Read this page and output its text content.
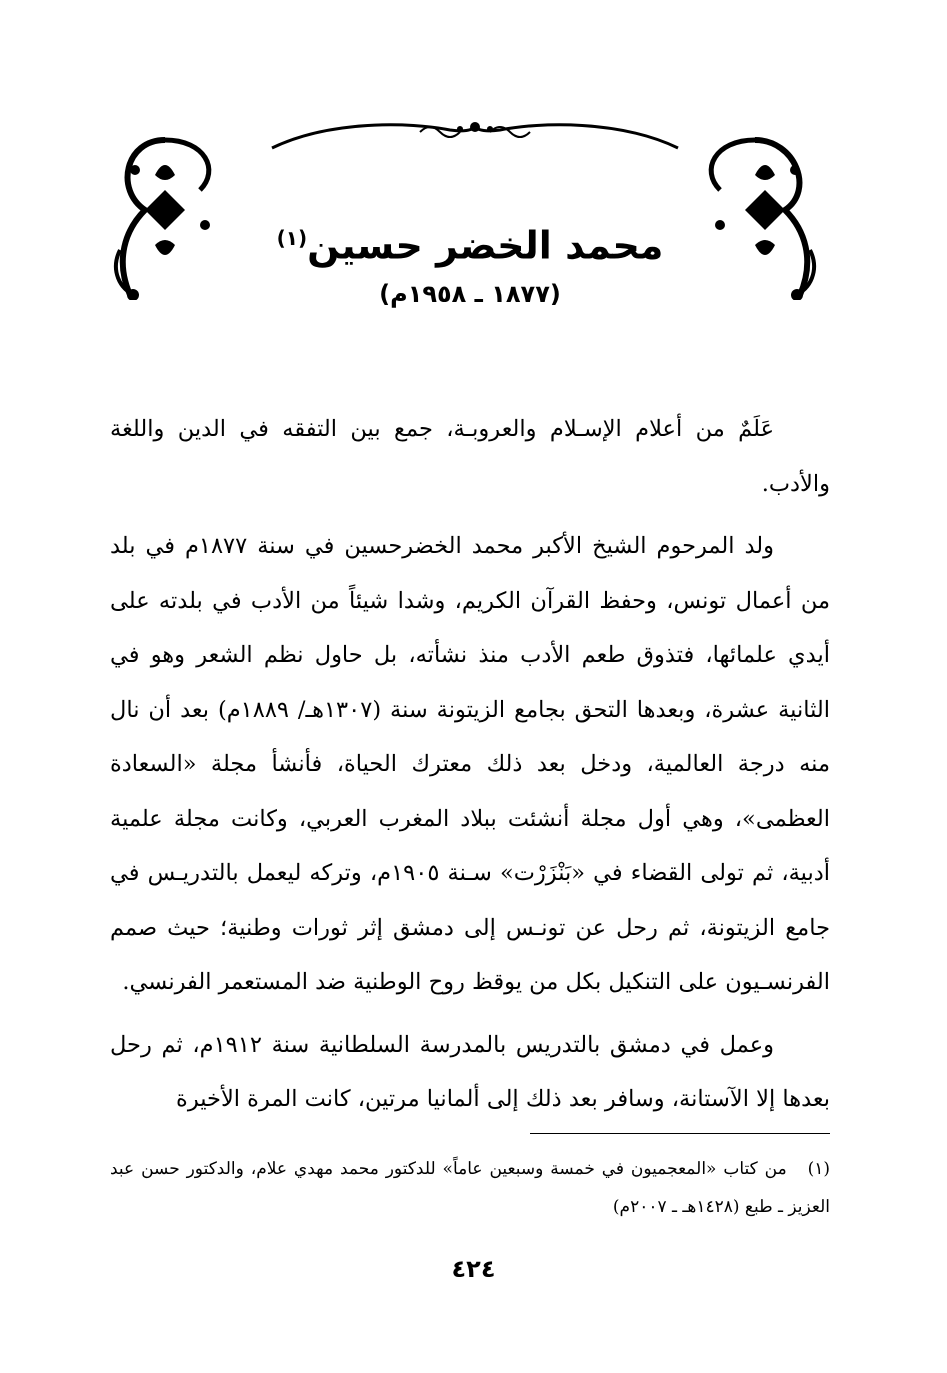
محمد الخضر حسين$^{(١)}$
(١٨٧٧ ـ ١٩٥٨م)

عَلَمٌ من أعلام الإسـلام والعروبـة، جمع بين التفقه في الدين واللغة والأدب.

ولد المرحوم الشيخ الأكبر محمد الخضرحسين في سنة ١٨٧٧م في بلد من أعمال تونس، وحفظ القرآن الكريم، وشدا شيئاً من الأدب في بلدته على أيدي علمائها، فتذوق طعم الأدب منذ نشأته، بل حاول نظم الشعر وهو في الثانية عشرة، وبعدها التحق بجامع الزيتونة سنة (١٣٠٧هـ/ ١٨٨٩م) بعد أن نال منه درجة العالمية، ودخل بعد ذلك معترك الحياة، فأنشأ مجلة «السعادة العظمى»، وهي أول مجلة أنشئت ببلاد المغرب العربي، وكانت مجلة علمية أدبية، ثم تولى القضاء في «بَنْزَرْت» سـنة ١٩٠٥م، وتركه ليعمل بالتدريـس في جامع الزيتونة، ثم رحل عن تونـس إلى دمشق إثر ثورات وطنية؛ حيث صمم الفرنسـيون على التنكيل بكل من يوقظ روح الوطنية ضد المستعمر الفرنسي.

وعمل في دمشق بالتدريس بالمدرسة السلطانية سنة ١٩١٢م، ثم رحل بعدها إلا الآستانة، وسافر بعد ذلك إلى ألمانيا مرتين، كانت المرة الأخيرة

(١) من كتاب «المعجميون في خمسة وسبعين عاماً» للدكتور محمد مهدي علام، والدكتور حسن عبد العزيز ـ طبع (١٤٢٨هـ ـ ٢٠٠٧م)
٤٢٤
